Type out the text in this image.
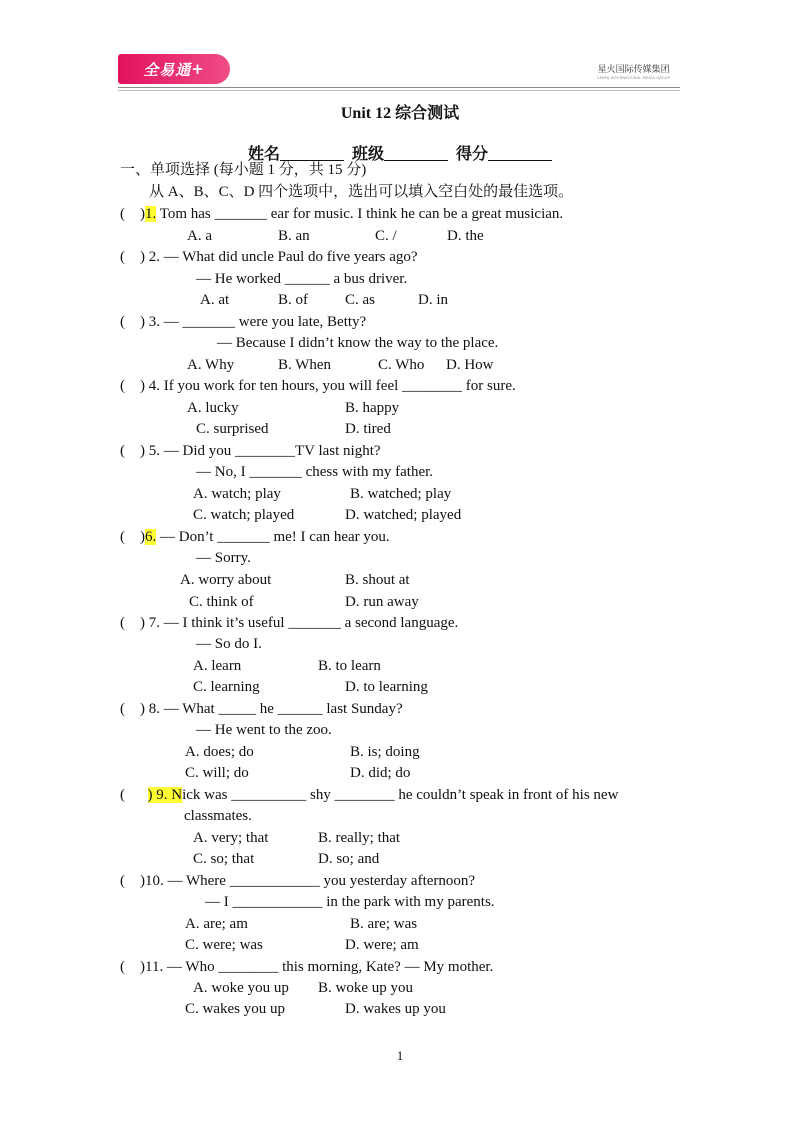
全易通 +	星火国际传媒集团
SPARK INTERNATIONAL MEDIA GROUP
Unit 12 综合测试
姓名	班级	得分
一、单项选择 (每小题 1 分，共 15 分)
从 A、B、C、D 四个选项中，选出可以填入空白处的最佳选项。
(    )1. Tom has _______ ear for music. I think he can be a great musician.
A. a	B. an	C. /	D. the
(    ) 2. — What did uncle Paul do five years ago?
— He worked ______ a bus driver.
A. at	B. of C. as	D. in
(    ) 3. — _______ were you late, Betty?
— Because I didn’t know the way to the place.
A. Why	B. When	C. Who D. How
(    ) 4. If you work for ten hours, you will feel ________ for sure.
A. lucky	B. happy
C. surprised	D. tired
(    ) 5. — Did you ________TV last night?
— No, I _______ chess with my father.
A. watch; play	B. watched; play
C. watch; played	D. watched; played
(    )6. — Don’t _______ me! I can hear you.
— Sorry.
A. worry about	B. shout at
C. think of	D. run away
(    ) 7. — I think it’s useful _______ a second language.
— So do I.
A. learn	B. to learn
C. learning	D. to learning
(    ) 8. — What _____ he ______ last Sunday?
— He went to the zoo.
A. does; do	B. is; doing
C. will; do	D. did; do
(      ) 9. Nick was __________ shy ________ he couldn’t speak in front of his new
classmates.
A. very; that	B. really; that
C. so; that	D. so; and
(    )10. — Where ____________ you yesterday afternoon?
— I ____________ in the park with my parents.
A. are; am	B. are; was
C. were; was	D. were; am
(    )11. — Who ________ this morning, Kate? — My mother.
A. woke you up B. woke up you
C. wakes you up	D. wakes up you
1
